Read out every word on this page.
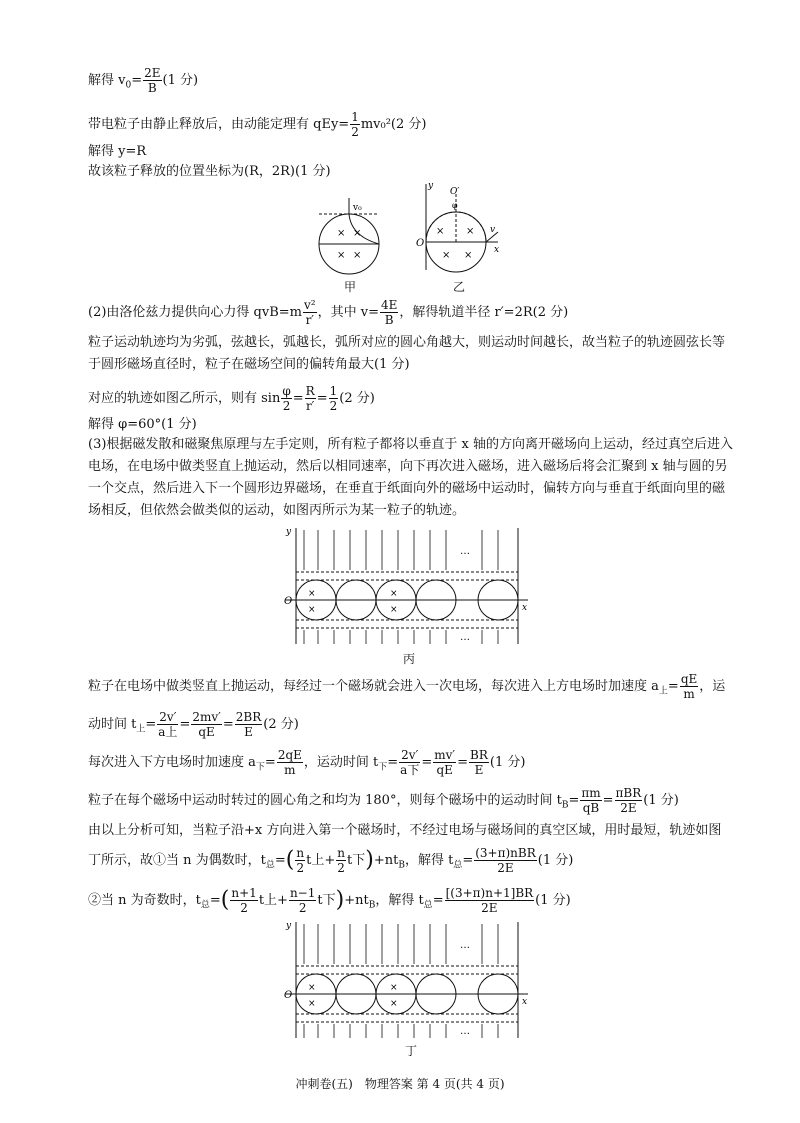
解得 $v_0= \frac{2E}{B} (1$ 分)
带电粒子由静止释放后，由动能定理有 $qEy= \frac{1}{2} mv_0^2(2$ 分)
解得 y=R
故该粒子释放的位置坐标为(R，2R)(1 分)
v₀
× ×
× ×
甲
y
O
O′
φ
v
x
× ×
× ×
乙
(2)由洛伦兹力提供向心力得 $qvB=m \frac{\text{v²}}{r'}$ ，其中 $v= \frac{4E}{B}$ ，解得轨道半径 r′=2R(2 分)
粒子运动轨迹均为劣弧，弦越长，弧越长，弧所对应的圆心角越大，则运动时间越长，故当粒子的轨迹圆弦长等于圆形磁场直径时，粒子在磁场空间的偏转角最大(1 分)
对应的轨迹如图乙所示，则有 $\sin \frac{\varphi}{2} = \frac{R}{r'} = \frac{1}{2} (2$ 分)
解得 φ=60°(1 分)
(3)根据磁发散和磁聚焦原理与左手定则，所有粒子都将以垂直于 x 轴的方向离开磁场向上运动，经过真空后进入电场，在电场中做类竖直上抛运动，然后以相同速率，向下再次进入磁场，进入磁场后将会汇聚到 x 轴与圆的另一个交点，然后进入下一个圆形边界磁场，在垂直于纸面向外的磁场中运动时，偏转方向与垂直于纸面向里的磁场相反，但依然会做类似的运动，如图丙所示为某一粒子的轨迹。
y
O
x
…
…
×
×
×
×
丙
粒子在电场中做类竖直上抛运动，每经过一个磁场就会进入一次电场，每次进入上方电场时加速度 $a_上= \frac{qE}{m}$ ，运
动时间 $t_上= 2v'$
a上 = $\frac{2mv'}{qE} = \frac{2BR}{E} (2$ 分)
每次进入下方电场时加速度 $a_下= \frac{2qE}{m}$ ，运动时间 $t_下= 2v'$
a下 = $\frac{mv'}{qE} = \frac{BR}{E} (1$ 分)
粒子在每个磁场中运动时转过的圆心角之和均为 180°，则每个磁场中的运动时间 $t_B= \frac{\pi m}{qB} = \pi BR$
2E (1 分)
由以上分析可知，当粒子沿+x 方向进入第一个磁场时，不经过电场与磁场间的真空区域，用时最短，轨迹如图
丁所示，故①当 n 为偶数时，$t_总=( \frac{n}{2}$ t上+ $\frac{n}{2}$ t下)$+nt_B$，解得 $t_总= (3+\pi)nBR$
2E	(1 分)
②当 n 为奇数时，$t_总=( \frac{n+1}{2}$ t上+ $\frac{n-1}{2}$ t下)$+nt_B$，解得 $t_总= \frac{[(3+\pi)n+1]BR}{2E} (1$ 分)
y
O
x
…
…
×
×
×
×
丁
冲刺卷(五)　物理答案 第 4 页(共 4 页)
